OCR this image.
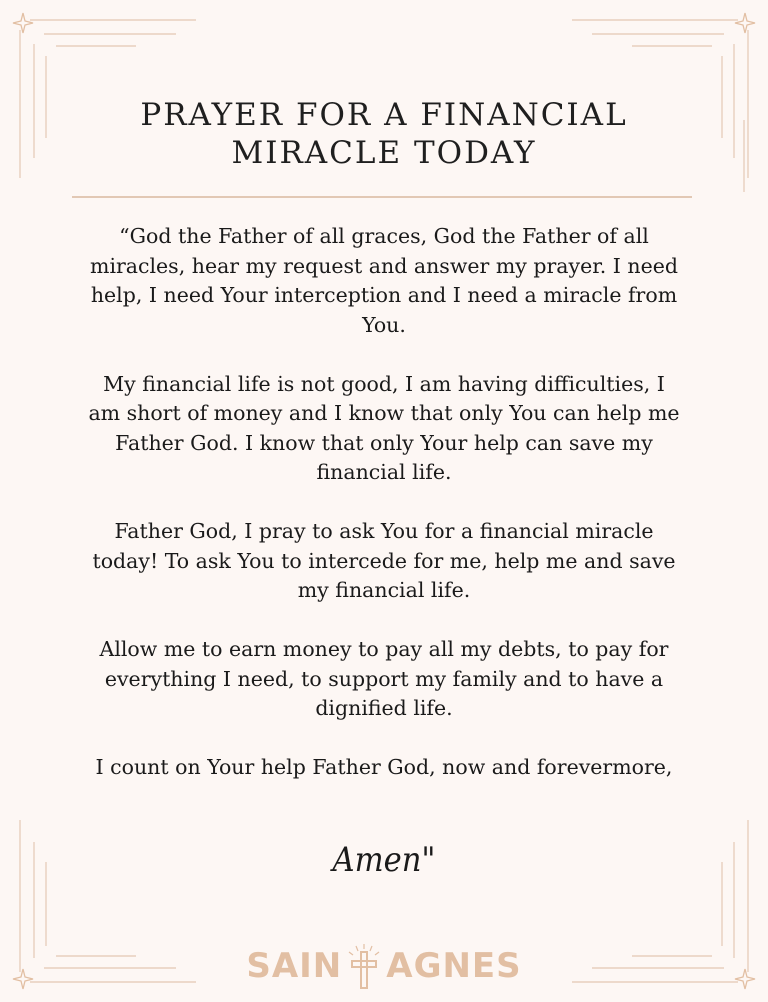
PRAYER FOR A FINANCIAL
MIRACLE TODAY

“God the Father of all graces, God the Father of all
miracles, hear my request and answer my prayer. I need
help, I need Your interception and I need a miracle from
You.

My financial life is not good, I am having difficulties, I
am short of money and I know that only You can help me
Father God. I know that only Your help can save my
financial life.

Father God, I pray to ask You for a financial miracle
today! To ask You to intercede for me, help me and save
my financial life.

Allow me to earn money to pay all my debts, to pay for
everything I need, to support my family and to have a
dignified life.

I count on Your help Father God, now and forevermore,

Amen"
SAIN AGNES
